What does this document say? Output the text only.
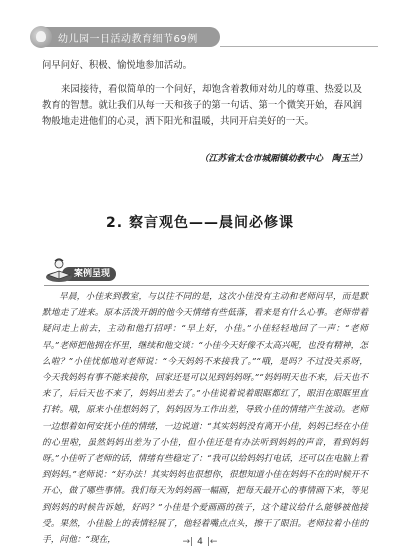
幼儿园一日活动教育细节69例

问早问好、积极、愉悦地参加活动。

来园接待，看似简单的一个问好，却饱含着教师对幼儿的尊重、热爱以及教育的智慧。就让我们从每一天和孩子的第一句话、第一个微笑开始，春风润物般地走进他们的心灵，洒下阳光和温暖，共同开启美好的一天。

（江苏省太仓市城厢镇幼教中心　陶玉兰）
2. 察言观色——晨间必修课
案例呈现

早晨，小佳来到教室，与以往不同的是，这次小佳没有主动和老师问早，而是默默地走了进来。原本活泼开朗的他今天情绪有些低落，看来是有什么心事。老师带着疑问走上前去，主动和他打招呼：“早上好，小佳。”小佳轻轻地回了一声：“老师早。”老师把他拥在怀里，继续和他交谈：“小佳今天好像不太高兴呢，也没有精神，怎么啦？”小佳忧郁地对老师说：“今天妈妈不来接我了。”“哦，是吗？不过没关系呀，今天我妈妈有事不能来接你，回家还是可以见到妈妈呀。”“妈妈明天也不来，后天也不来了，后后天也不来了，妈妈出差去了。”小佳说着说着眼眶都红了，眼泪在眼眶里直打转。哦，原来小佳想妈妈了，妈妈因为工作出差，导致小佳的情绪产生波动。老师一边想着如何安抚小佳的情绪，一边说道：“其实妈妈没有离开小佳，妈妈已经在小佳的心里啦，虽然妈妈出差为了小佳，但小佳还是有办法听到妈妈的声音，看到妈妈呀。”小佳听了老师的话，情绪有些稳定了：“我可以给妈妈打电话，还可以在电脑上看到妈妈。”老师说：“好办法！其实妈妈也很想你，很想知道小佳在妈妈不在的时候开不开心，做了哪些事情。我们每天为妈妈画一幅画，把每天最开心的事情画下来，等见到妈妈的时候告诉她，好吗？”小佳是个爱画画的孩子，这个建议给什么能够被他接受。果然，小佳脸上的表情轻展了，他轻着嘴点点头，擦干了眼泪。老师拉着小佳的手，问他：“现在，	→| 4 |←
